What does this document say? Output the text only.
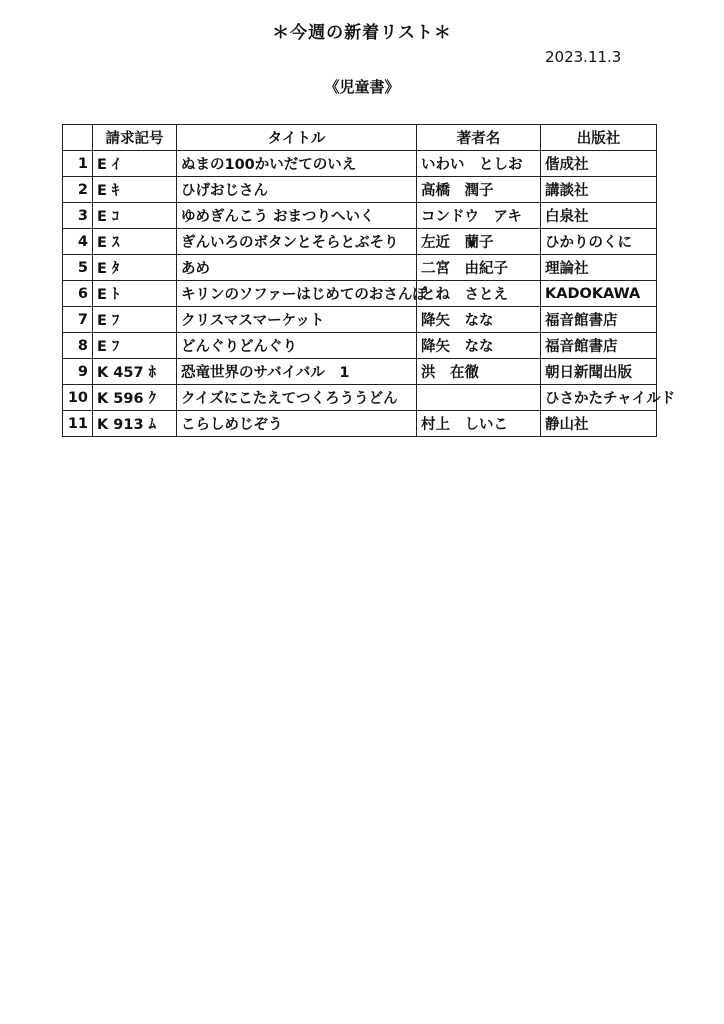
＊今週の新着リスト＊
2023.11.3
《児童書》
	請求記号	タイトル	著者名	出版社
1	E ｲ	ぬまの100かいだてのいえ	いわい　としお	偕成社
2	E ｷ	ひげおじさん	高橋　潤子	講談社
3	E ｺ	ゆめぎんこう おまつりへいく	コンドウ　アキ	白泉社
4	E ｽ	ぎんいろのボタンとそらとぶそり	左近　蘭子	ひかりのくに
5	E ﾀ	あめ	二宮　由紀子	理論社
6	E ﾄ	キリンのソファーはじめてのおさんぽ	とね　さとえ	KADOKAWA
7	E ﾌ	クリスマスマーケット	降矢　なな	福音館書店
8	E ﾌ	どんぐりどんぐり	降矢　なな	福音館書店
9	K 457 ﾎ	恐竜世界のサバイバル　1	洪　在徹	朝日新聞出版
10	K 596 ｸ	クイズにこたえてつくろううどん		ひさかたチャイルド
11	K 913 ﾑ	こらしめじぞう	村上　しいこ	静山社
